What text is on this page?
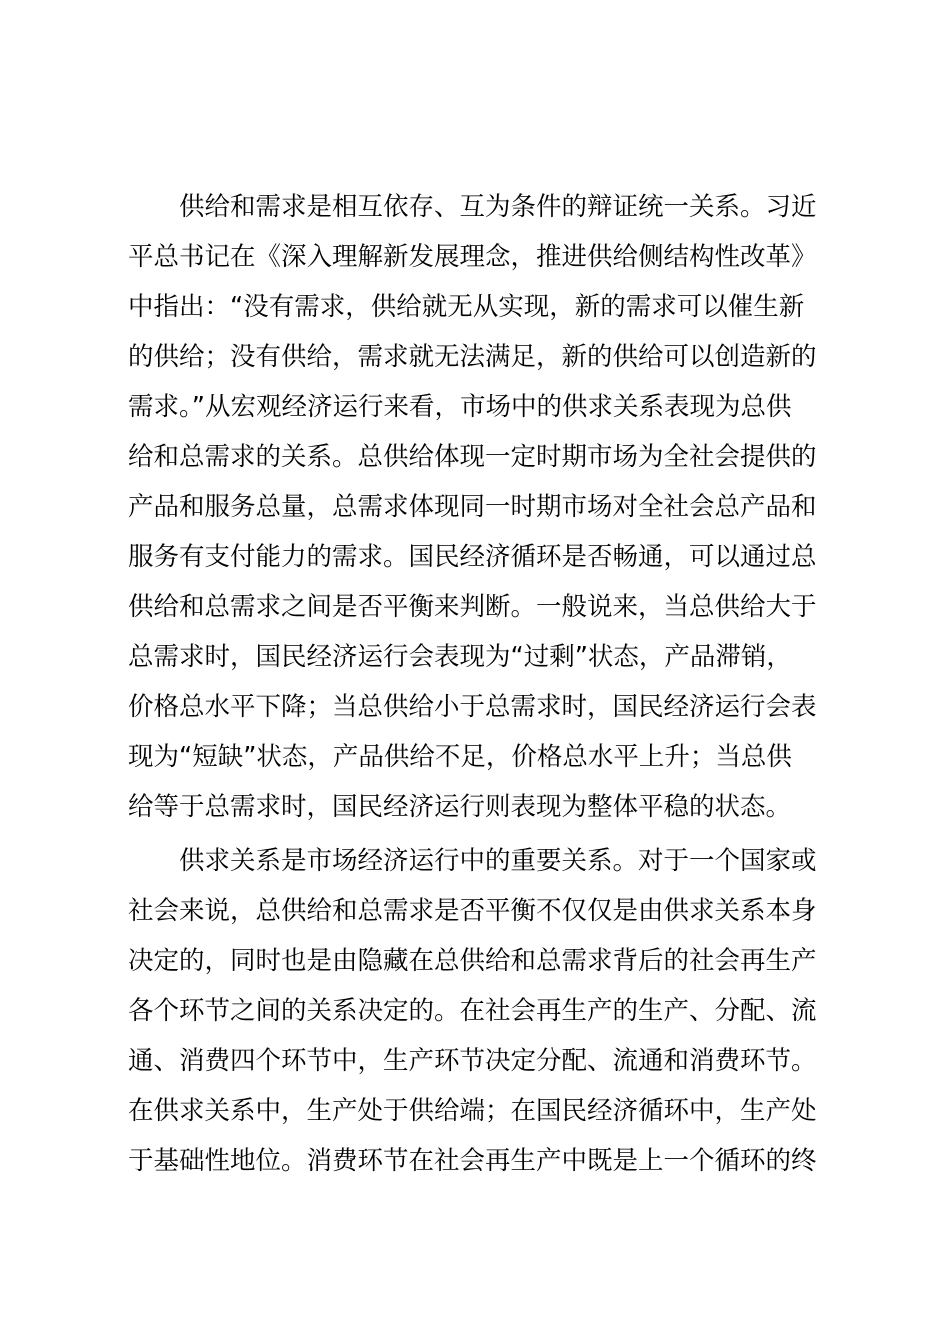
　　供给和需求是相互依存、互为条件的辩证统一关系。习近
平总书记在《深入理解新发展理念，推进供给侧结构性改革》
中指出：“没有需求，供给就无从实现，新的需求可以催生新
的供给；没有供给，需求就无法满足，新的供给可以创造新的
需求。”从宏观经济运行来看，市场中的供求关系表现为总供
给和总需求的关系。总供给体现一定时期市场为全社会提供的
产品和服务总量，总需求体现同一时期市场对全社会总产品和
服务有支付能力的需求。国民经济循环是否畅通，可以通过总
供给和总需求之间是否平衡来判断。一般说来，当总供给大于
总需求时，国民经济运行会表现为“过剩”状态，产品滞销，
价格总水平下降；当总供给小于总需求时，国民经济运行会表
现为“短缺”状态，产品供给不足，价格总水平上升；当总供
给等于总需求时，国民经济运行则表现为整体平稳的状态。
　　供求关系是市场经济运行中的重要关系。对于一个国家或
社会来说，总供给和总需求是否平衡不仅仅是由供求关系本身
决定的，同时也是由隐藏在总供给和总需求背后的社会再生产
各个环节之间的关系决定的。在社会再生产的生产、分配、流
通、消费四个环节中，生产环节决定分配、流通和消费环节。
在供求关系中，生产处于供给端；在国民经济循环中，生产处
于基础性地位。消费环节在社会再生产中既是上一个循环的终
